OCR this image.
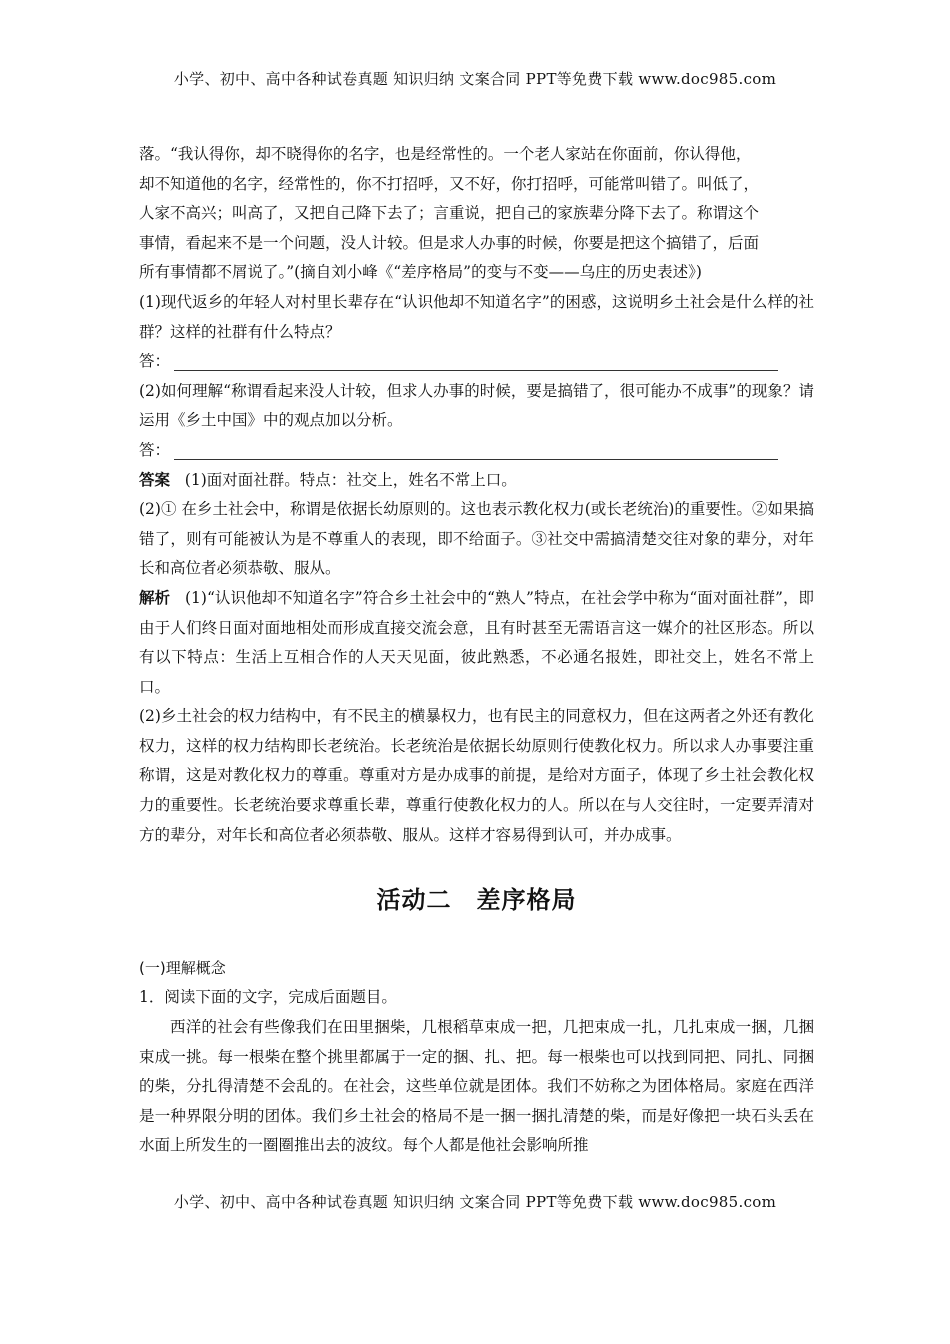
小学、初中、高中各种试卷真题 知识归纳 文案合同 PPT等免费下载 www.doc985.com

落。“我认得你，却不晓得你的名字，也是经常性的。一个老人家站在你面前，你认得他，

却不知道他的名字，经常性的，你不打招呼，又不好，你打招呼，可能常叫错了。叫低了，

人家不高兴；叫高了，又把自己降下去了；言重说，把自己的家族辈分降下去了。称谓这个

事情，看起来不是一个问题，没人计较。但是求人办事的时候，你要是把这个搞错了，后面

所有事情都不屑说了。”(摘自刘小峰《“差序格局”的变与不变——乌庄的历史表述》)

(1)现代返乡的年轻人对村里长辈存在“认识他却不知道名字”的困惑，这说明乡土社会是什么样的社群？这样的社群有什么特点？

答：

(2)如何理解“称谓看起来没人计较，但求人办事的时候，要是搞错了，很可能办不成事”的现象？请运用《乡土中国》中的观点加以分析。

答：

答案 (1)面对面社群。特点：社交上，姓名不常上口。

(2)① 在乡土社会中，称谓是依据长幼原则的。这也表示教化权力(或长老统治)的重要性。②如果搞错了，则有可能被认为是不尊重人的表现，即不给面子。③社交中需搞清楚交往对象的辈分，对年长和高位者必须恭敬、服从。

解析 (1)“认识他却不知道名字”符合乡土社会中的“熟人”特点，在社会学中称为“面对面社群”，即由于人们终日面对面地相处而形成直接交流会意，且有时甚至无需语言这一媒介的社区形态。所以有以下特点：生活上互相合作的人天天见面，彼此熟悉，不必通名报姓，即社交上，姓名不常上口。

(2)乡土社会的权力结构中，有不民主的横暴权力，也有民主的同意权力，但在这两者之外还有教化权力，这样的权力结构即长老统治。长老统治是依据长幼原则行使教化权力。所以求人办事要注重称谓，这是对教化权力的尊重。尊重对方是办成事的前提，是给对方面子，体现了乡土社会教化权力的重要性。长老统治要求尊重长辈，尊重行使教化权力的人。所以在与人交往时，一定要弄清对方的辈分，对年长和高位者必须恭敬、服从。这样才容易得到认可，并办成事。

活动二　差序格局

(一)理解概念

1．阅读下面的文字，完成后面题目。

西洋的社会有些像我们在田里捆柴，几根稻草束成一把，几把束成一扎，几扎束成一捆，几捆束成一挑。每一根柴在整个挑里都属于一定的捆、扎、把。每一根柴也可以找到同把、同扎、同捆的柴，分扎得清楚不会乱的。在社会，这些单位就是团体。我们不妨称之为团体格局。家庭在西洋是一种界限分明的团体。我们乡土社会的格局不是一捆一捆扎清楚的柴，而是好像把一块石头丢在水面上所发生的一圈圈推出去的波纹。每个人都是他社会影响所推

小学、初中、高中各种试卷真题 知识归纳 文案合同 PPT等免费下载 www.doc985.com
